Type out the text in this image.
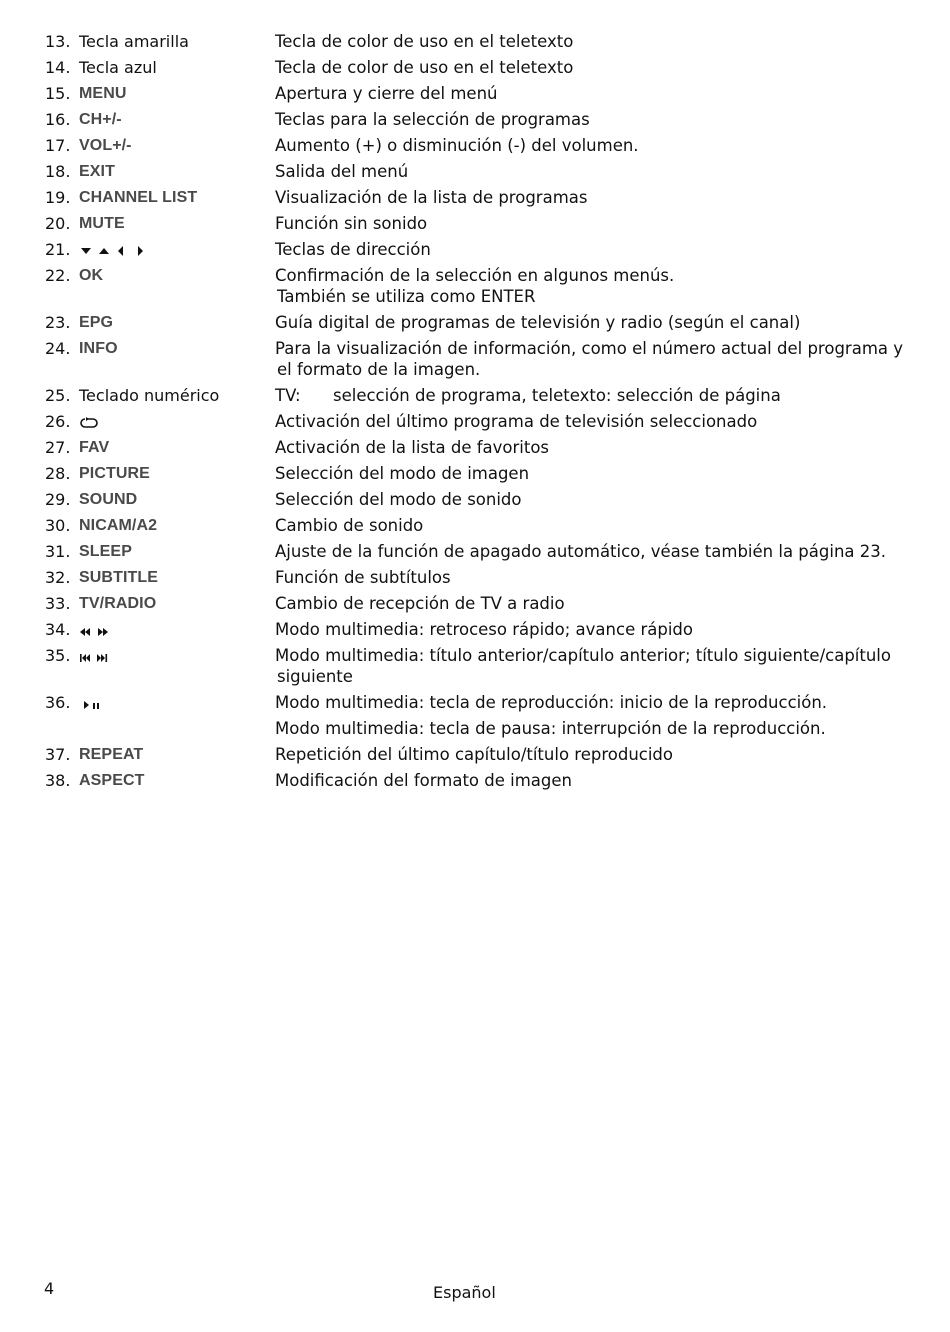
13. Tecla amarilla	Tecla de color de uso en el teletexto
14. Tecla azul	Tecla de color de uso en el teletexto
15. MENU	Apertura y cierre del menú
16. CH+/-	Teclas para la selección de programas
17. VOL+/-	Aumento (+) o disminución (-) del volumen.
18. EXIT	Salida del menú
19. CHANNEL LIST	Visualización de la lista de programas
20. MUTE	Función sin sonido
21.	Teclas de dirección
22. OK	Confirmación de la selección en algunos menús.
También se utiliza como ENTER
23. EPG	Guía digital de programas de televisión y radio (según el canal)
24. INFO	Para la visualización de información, como el número actual del programa y
el formato de la imagen.
25. Teclado numérico	TV: selección de programa, teletexto: selección de página
26.	Activación del último programa de televisión seleccionado
27. FAV	Activación de la lista de favoritos
28. PICTURE	Selección del modo de imagen
29. SOUND	Selección del modo de sonido
30. NICAM/A2	Cambio de sonido
31. SLEEP	Ajuste de la función de apagado automático, véase también la página 23.
32. SUBTITLE	Función de subtítulos
33. TV/RADIO	Cambio de recepción de TV a radio
34.	Modo multimedia: retroceso rápido; avance rápido
35.	Modo multimedia: título anterior/capítulo anterior; título siguiente/capítulo
siguiente
36.	Modo multimedia: tecla de reproducción: inicio de la reproducción.
Modo multimedia: tecla de pausa: interrupción de la reproducción.
37. REPEAT	Repetición del último capítulo/título reproducido
38. ASPECT	Modificación del formato de imagen
4	Español
